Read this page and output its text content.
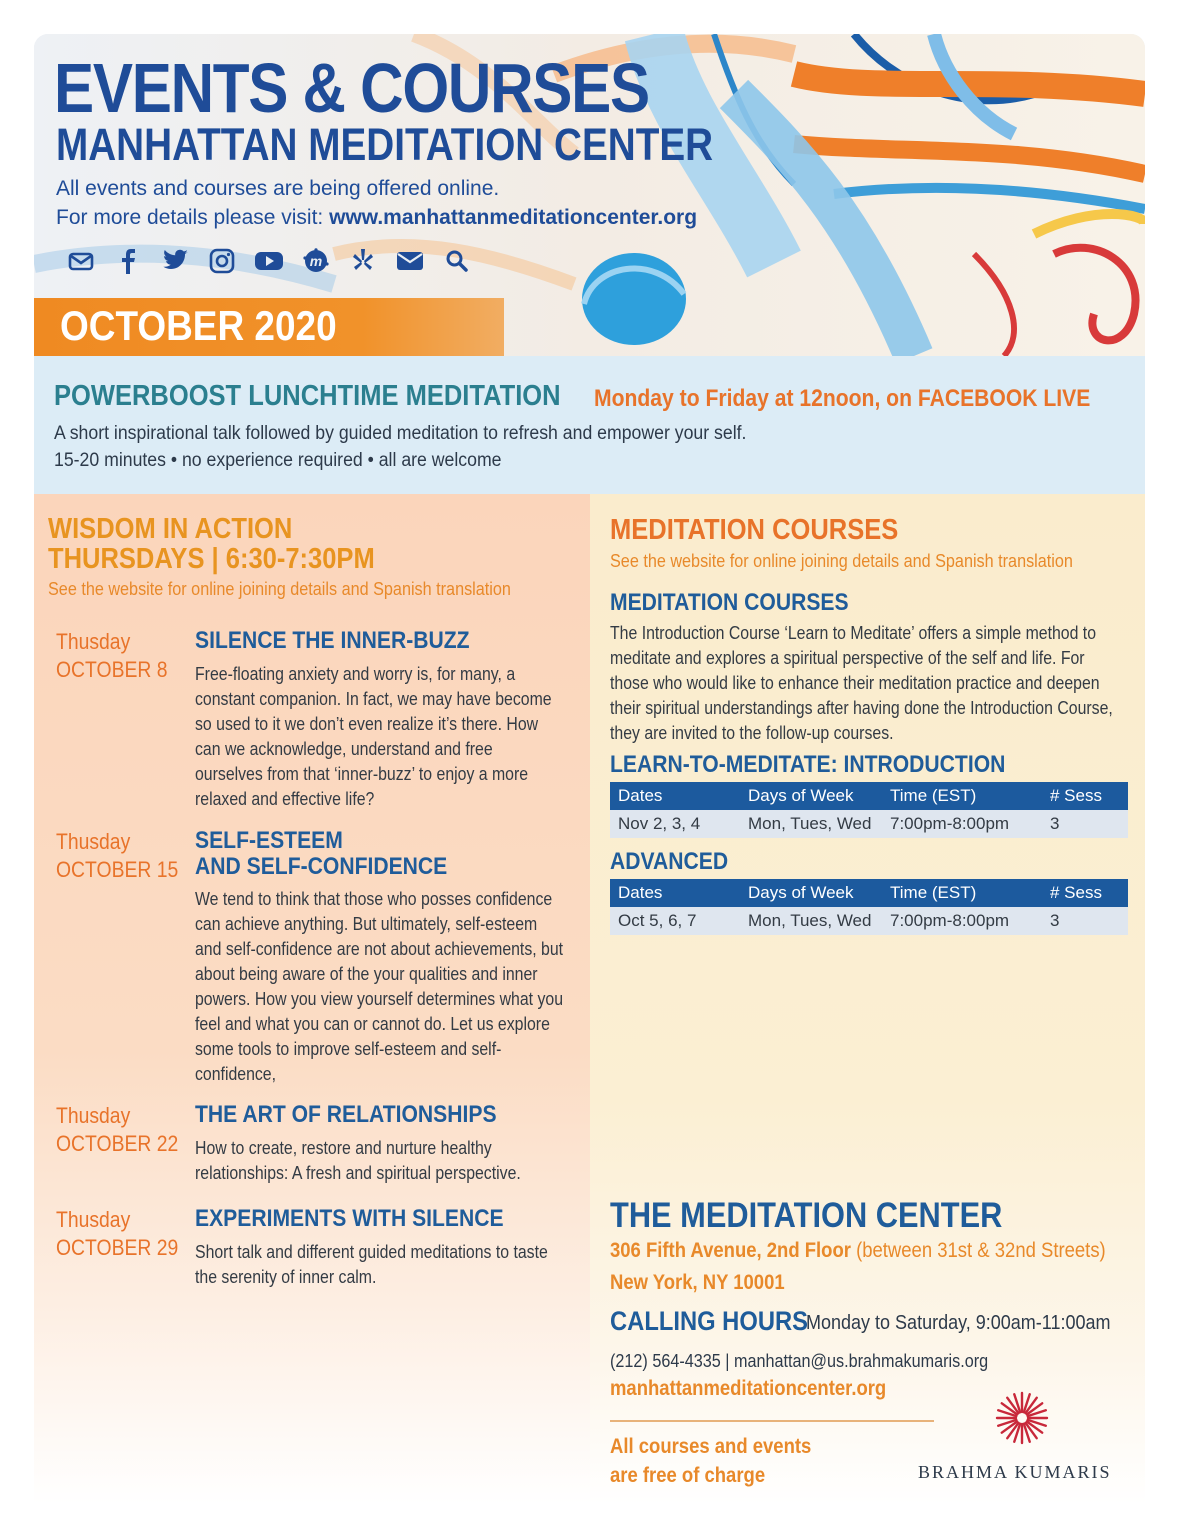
EVENTS & COURSES
MANHATTAN MEDITATION CENTER
All events and courses are being offered online.
For more details please visit: www.manhattanmeditationcenter.org
m
OCTOBER 2020
POWERBOOST LUNCHTIME MEDITATION Monday to Friday at 12noon, on FACEBOOK LIVE
A short inspirational talk followed by guided meditation to refresh and empower your self.
15-20 minutes • no experience required • all are welcome
WISDOM IN ACTION
THURSDAYS | 6:30-7:30PM
See the website for online joining details and Spanish translation
Thusday
OCTOBER 8
SILENCE THE INNER-BUZZ
Free-floating anxiety and worry is, for many, a constant companion. In fact, we may have become so used to it we don’t even realize it’s there. How can we acknowledge, understand and free ourselves from that ‘inner-buzz’ to enjoy a more relaxed and effective life?
Thusday
OCTOBER 15
SELF-ESTEEM
AND SELF-CONFIDENCE
We tend to think that those who posses confidence can achieve anything. But ultimately, self-esteem and self-confidence are not about achievements, but about being aware of the your qualities and inner powers. How you view yourself determines what you feel and what you can or cannot do. Let us explore some tools to improve self-esteem and self-confidence,
Thusday
OCTOBER 22
THE ART OF RELATIONSHIPS
How to create, restore and nurture healthy relationships: A fresh and spiritual perspective.
Thusday
OCTOBER 29
EXPERIMENTS WITH SILENCE
Short talk and different guided meditations to taste the serenity of inner calm.
MEDITATION COURSES
See the website for online joining details and Spanish translation
MEDITATION COURSES
The Introduction Course ‘Learn to Meditate’ offers a simple method to meditate and explores a spiritual perspective of the self and life. For those who would like to enhance their meditation practice and deepen their spiritual understandings after having done the Introduction Course, they are invited to the follow-up courses.
LEARN-TO-MEDITATE: INTRODUCTION
Dates	Days of Week	Time (EST)	# Sess
Nov 2, 3, 4	Mon, Tues, Wed	7:00pm-8:00pm	3
ADVANCED
Dates	Days of Week	Time (EST)	# Sess
Oct 5, 6, 7	Mon, Tues, Wed	7:00pm-8:00pm	3
THE MEDITATION CENTER
306 Fifth Avenue, 2nd Floor (between 31st & 32nd Streets)
New York, NY 10001
CALLING HOURS
Monday to Saturday, 9:00am-11:00am
(212) 564-4335 | manhattan@us.brahmakumaris.org
manhattanmeditationcenter.org
All courses and events
are free of charge	BRAHMA KUMARIS
